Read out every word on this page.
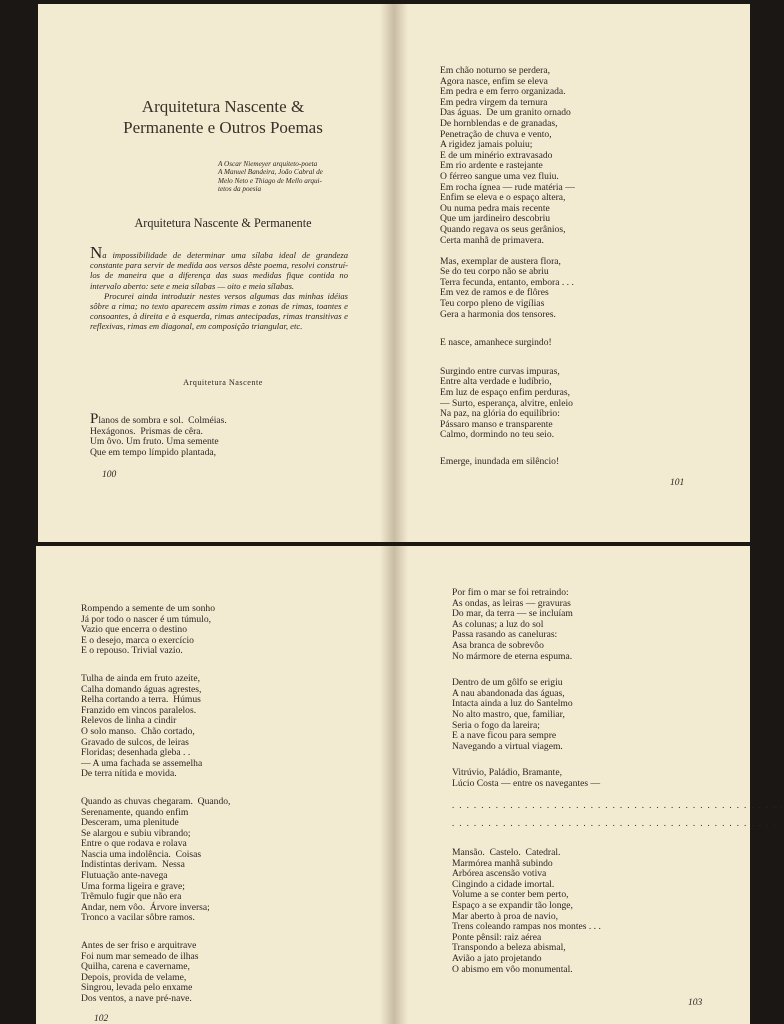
Arquitetura Nascente &
Permanente e Outros Poemas
A Oscar Niemeyer arquiteto-poeta
A Manuel Bandeira, João Cabral de
Melo Neto e Thiago de Mello arqui-
tetos da poesia
Arquitetura Nascente & Permanente

Na impossibilidade de determinar uma sílaba ideal de grandeza constante para servir de medida aos versos dêste poema, resolvi construí-los de maneira que a diferença das suas medidas fique contida no intervalo aberto: sete e meia sílabas — oito e meia sílabas.

Procurei ainda introduzir nestes versos algumas das minhas idéias sôbre a rima; no texto aparecem assim rimas e zonas de rimas, toantes e consoantes, à direita e à esquerda, rimas antecipadas, rimas transitivas e reflexivas, rimas em diagonal, em composição triangular, etc.

Arquitetura Nascente
Planos de sombra e sol.  Colméias.
Hexágonos.  Prismas de cêra.
Um ôvo. Um fruto. Uma semente
Que em tempo límpido plantada,
100
Em chão noturno se perdera,
Agora nasce, enfim se eleva
Em pedra e em ferro organizada.
Em pedra virgem da ternura
Das águas.  De um granito ornado
De hornblendas e de granadas,
Penetração de chuva e vento,
A rigidez jamais poluiu;
E de um minério extravasado
Em rio ardente e rastejante
O férreo sangue uma vez fluiu.
Em rocha ígnea — rude matéria —
Enfim se eleva e o espaço altera,
Ou numa pedra mais recente
Que um jardineiro descobriu
Quando regava os seus gerânios,
Certa manhã de primavera.
Mas, exemplar de austera flora,
Se do teu corpo não se abriu
Terra fecunda, entanto, embora . . .
Em vez de ramos e de flôres
Teu corpo pleno de vigílias
Gera a harmonia dos tensores.
E nasce, amanhece surgindo!
Surgindo entre curvas impuras,
Entre alta verdade e ludíbrio,
Em luz de espaço enfim perduras,
— Surto, esperança, alvitre, enleio
Na paz, na glória do equilíbrio:
Pássaro manso e transparente
Calmo, dormindo no teu seio.
Emerge, inundada em silêncio!
101
Rompendo a semente de um sonho
Já por todo o nascer é um túmulo,
Vazio que encerra o destino
E o desejo, marca o exercício
E o repouso. Trivial vazio.
Tulha de ainda em fruto azeite,
Calha domando águas agrestes,
Relha cortando a terra.  Húmus
Franzido em vincos paralelos.
Relevos de linha a cindir
O solo manso.  Chão cortado,
Gravado de sulcos, de leiras
Floridas; desenhada gleba . .
— A uma fachada se assemelha
De terra nítida e movida.
Quando as chuvas chegaram.  Quando,
Serenamente, quando enfim
Desceram, uma plenitude
Se alargou e subiu vibrando;
Entre o que rodava e rolava
Nascia uma indolência.  Coisas
Indistintas derivam.  Nessa
Flutuação ante-navega
Uma forma ligeira e grave;
Trêmulo fugir que não era
Andar, nem vôo.  Árvore inversa;
Tronco a vacilar sôbre ramos.
Antes de ser friso e arquitrave
Foi num mar semeado de ilhas
Quilha, carena e cavername,
Depois, provida de velame,
Singrou, levada pelo enxame
Dos ventos, a nave pré-nave.
102
Por fim o mar se foi retraindo:
As ondas, as leiras — gravuras
Do mar, da terra — se incluíam
As colunas; a luz do sol
Passa rasando as caneluras:
Asa branca de sobrevôo
No mármore de eterna espuma.
Dentro de um gôlfo se erigiu
A nau abandonada das águas,
Intacta ainda a luz do Santelmo
No alto mastro, que, familiar,
Seria o fogo da lareira;
E a nave ficou para sempre
Navegando a virtual viagem.
Vitrúvio, Paládio, Bramante,
Lúcio Costa — entre os navegantes —
. . . . . . . . . . . . . . . . . . . . . . . . . . . . . . . . . . . . . . . . . . . . . .
. . . . . . . . . . . . . . . . . . . . . . . . . . . . . . . . . . . . . . . . . . . . . .
Mansão.  Castelo.  Catedral.
Marmórea manhã subindo
Arbórea ascensão votiva
Cingindo a cidade imortal.
Volume a se conter bem perto,
Espaço a se expandir tão longe,
Mar aberto à proa de navio,
Trens coleando rampas nos montes . . .
Ponte pênsil: raiz aérea
Transpondo a beleza abismal,
Avião a jato projetando
O abismo em vôo monumental.
103
